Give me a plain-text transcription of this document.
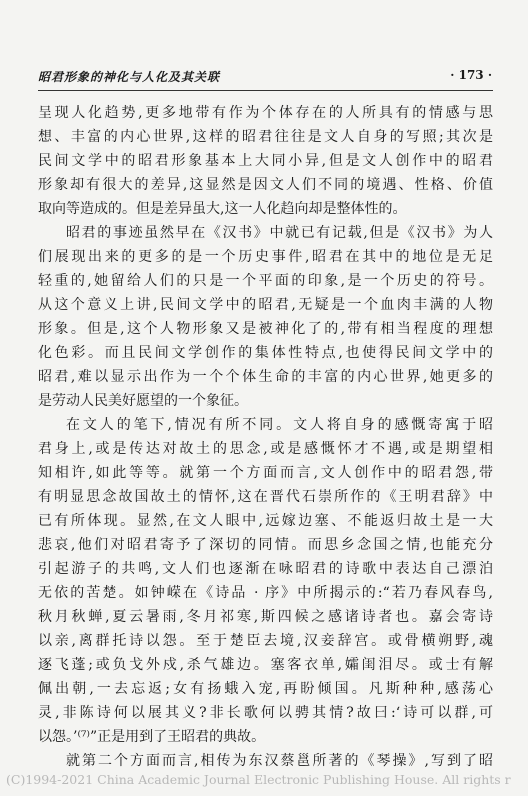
昭君形象的神化与人化及其关联	· 173 ·
呈现人化趋势,更多地带有作为个体存在的人所具有的情感与思
想、丰富的内心世界,这样的昭君往往是文人自身的写照;其次是
民间文学中的昭君形象基本上大同小异,但是文人创作中的昭君
形象却有很大的差异,这显然是因文人们不同的境遇、性格、价值
取向等造成的。但是差异虽大,这一人化趋向却是整体性的。
昭君的事迹虽然早在《汉书》中就已有记载,但是《汉书》为人
们展现出来的更多的是一个历史事件,昭君在其中的地位是无足
轻重的,她留给人们的只是一个平面的印象,是一个历史的符号。
从这个意义上讲,民间文学中的昭君,无疑是一个血肉丰满的人物
形象。但是,这个人物形象又是被神化了的,带有相当程度的理想
化色彩。而且民间文学创作的集体性特点,也使得民间文学中的
昭君,难以显示出作为一个个体生命的丰富的内心世界,她更多的
是劳动人民美好愿望的一个象征。
在文人的笔下,情况有所不同。文人将自身的感慨寄寓于昭
君身上,或是传达对故土的思念,或是感慨怀才不遇,或是期望相
知相许,如此等等。就第一个方面而言,文人创作中的昭君怨,带
有明显思念故国故土的情怀,这在晋代石崇所作的《王明君辞》中
已有所体现。显然,在文人眼中,远嫁边塞、不能返归故土是一大
悲哀,他们对昭君寄予了深切的同情。而思乡念国之情,也能充分
引起游子的共鸣,文人们也逐渐在咏昭君的诗歌中表达自己漂泊
无依的苦楚。如钟嵘在《诗品 · 序》中所揭示的:“若乃春风春鸟,
秋月秋蝉,夏云暑雨,冬月祁寒,斯四候之感诸诗者也。嘉会寄诗
以亲,离群托诗以怨。至于楚臣去境,汉妾辞宫。或骨横朔野,魂
逐飞蓬;或负戈外戍,杀气雄边。塞客衣单,孀闺泪尽。或士有解
佩出朝,一去忘返;女有扬蛾入宠,再盼倾国。凡斯种种,感荡心
灵,非陈诗何以展其义?非长歌何以骋其情?故曰:‘诗可以群,可
以怨。’⁽⁷⁾”正是用到了王昭君的典故。
就第二个方面而言,相传为东汉蔡邕所著的《琴操》,写到了昭
(C)1994-2021 China Academic Journal Electronic Publishing House. All rights r
